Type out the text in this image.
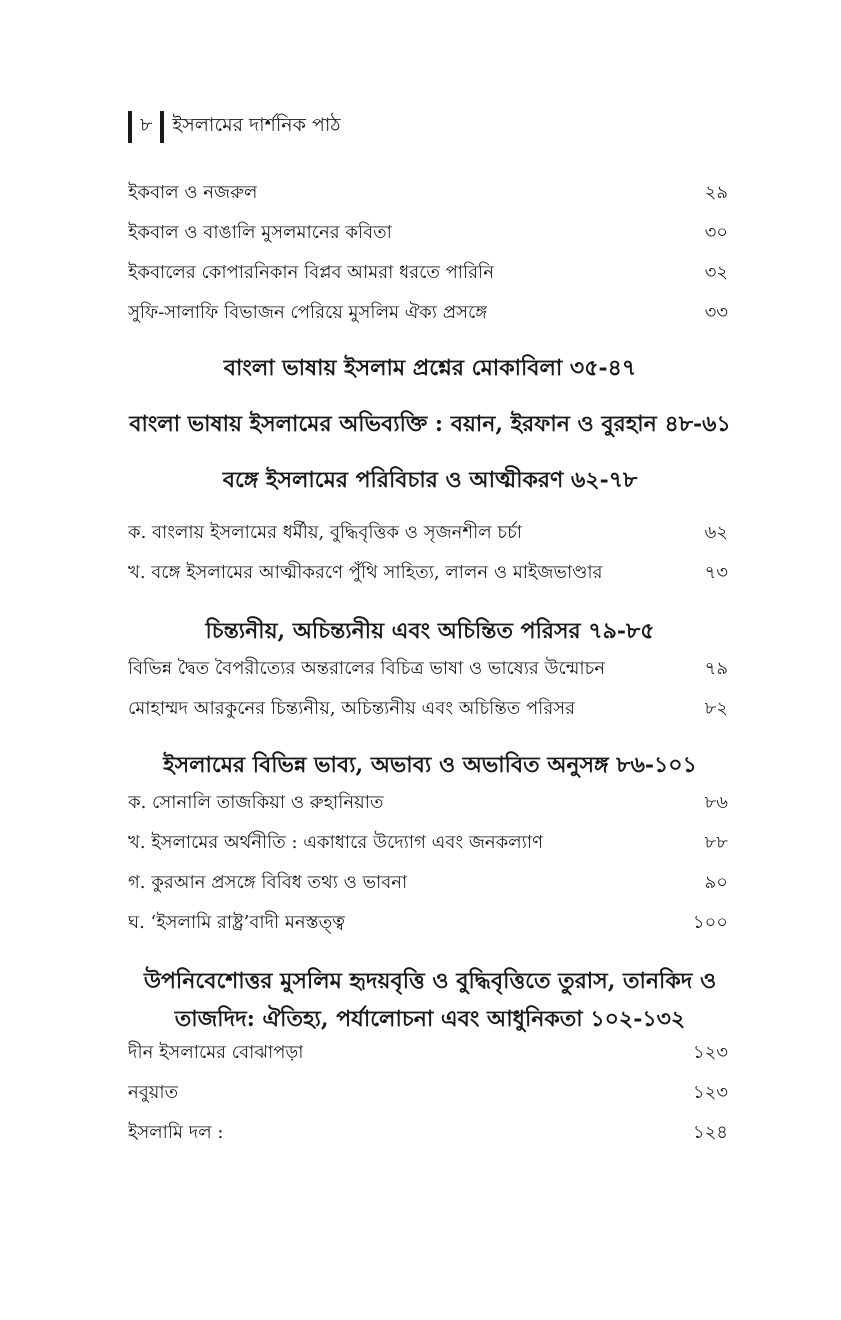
৮	ইসলামের দার্শনিক পাঠ
ইকবাল ও নজরুল	২৯
ইকবাল ও বাঙালি মুসলমানের কবিতা	৩০
ইকবালের কোপারনিকান বিপ্লব আমরা ধরতে পারিনি	৩২
সুফি-সালাফি বিভাজন পেরিয়ে মুসলিম ঐক্য প্রসঙ্গে	৩৩
বাংলা ভাষায় ইসলাম প্রশ্নের মোকাবিলা ৩৫-৪৭
বাংলা ভাষায় ইসলামের অভিব্যক্তি : বয়ান, ইরফান ও বুরহান ৪৮-৬১
বঙ্গে ইসলামের পরিবিচার ও আত্মীকরণ ৬২-৭৮
ক. বাংলায় ইসলামের ধর্মীয়, বুদ্ধিবৃত্তিক ও সৃজনশীল চর্চা	৬২
খ. বঙ্গে ইসলামের আত্মীকরণে পুঁথি সাহিত্য, লালন ও মাইজভাণ্ডার	৭৩
চিন্ত্যনীয়, অচিন্ত্যনীয় এবং অচিন্তিত পরিসর ৭৯-৮৫
বিভিন্ন দ্বৈত বৈপরীত্যের অন্তরালের বিচিত্র ভাষা ও ভাষ্যের উন্মোচন	৭৯
মোহাম্মদ আরকুনের চিন্ত্যনীয়, অচিন্ত্যনীয় এবং অচিন্তিত পরিসর	৮২
ইসলামের বিভিন্ন ভাব্য, অভাব্য ও অভাবিত অনুসঙ্গ ৮৬-১০১
ক. সোনালি তাজকিয়া ও রুহানিয়াত	৮৬
খ. ইসলামের অর্থনীতি : একাধারে উদ্যোগ এবং জনকল্যাণ	৮৮
গ. কুরআন প্রসঙ্গে বিবিধ তথ্য ও ভাবনা	৯০
ঘ. ‘ইসলামি রাষ্ট্র’বাদী মনস্তত্ত্ব	১০০
উপনিবেশোত্তর মুসলিম হৃদয়বৃত্তি ও বুদ্ধিবৃত্তিতে তুরাস, তানকিদ ও তাজদিদ: ঐতিহ্য, পর্যালোচনা এবং আধুনিকতা ১০২-১৩২
দীন ইসলামের বোঝাপড়া	১২৩
নবুয়াত	১২৩
ইসলামি দল :	১২৪
